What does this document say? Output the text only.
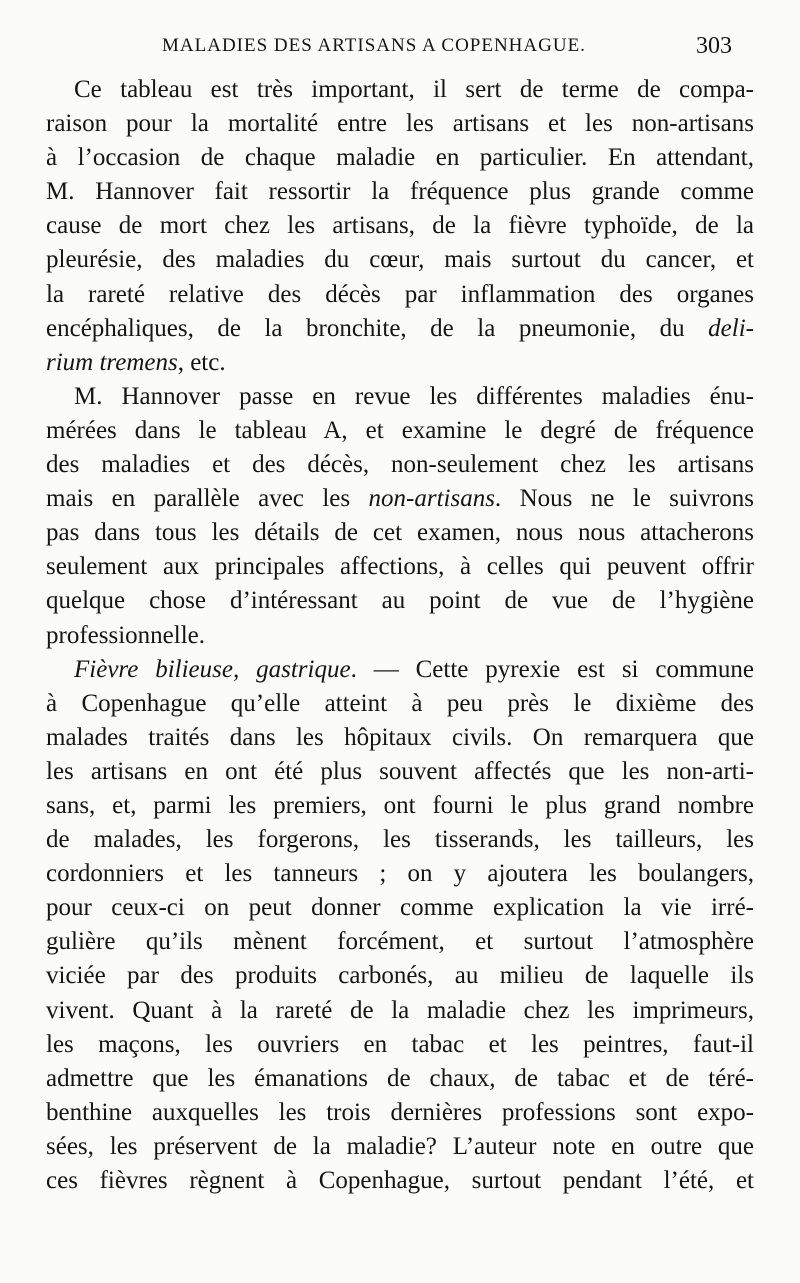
MALADIES DES ARTISANS A COPENHAGUE.	303
Ce tableau est très important, il sert de terme de compa-
raison pour la mortalité entre les artisans et les non-artisans
à l’occasion de chaque maladie en particulier. En attendant,
M. Hannover fait ressortir la fréquence plus grande comme
cause de mort chez les artisans, de la fièvre typhoïde, de la
pleurésie, des maladies du cœur, mais surtout du cancer, et
la rareté relative des décès par inflammation des organes
encéphaliques, de la bronchite, de la pneumonie, du deli-
rium tremens, etc.
M. Hannover passe en revue les différentes maladies énu-
mérées dans le tableau A, et examine le degré de fréquence
des maladies et des décès, non-seulement chez les artisans
mais en parallèle avec les non-artisans. Nous ne le suivrons
pas dans tous les détails de cet examen, nous nous attacherons
seulement aux principales affections, à celles qui peuvent offrir
quelque chose d’intéressant au point de vue de l’hygiène
professionnelle.
Fièvre bilieuse, gastrique. — Cette pyrexie est si commune
à Copenhague qu’elle atteint à peu près le dixième des
malades traités dans les hôpitaux civils. On remarquera que
les artisans en ont été plus souvent affectés que les non-arti-
sans, et, parmi les premiers, ont fourni le plus grand nombre
de malades, les forgerons, les tisserands, les tailleurs, les
cordonniers et les tanneurs ; on y ajoutera les boulangers,
pour ceux-ci on peut donner comme explication la vie irré-
gulière qu’ils mènent forcément, et surtout l’atmosphère
viciée par des produits carbonés, au milieu de laquelle ils
vivent. Quant à la rareté de la maladie chez les imprimeurs,
les maçons, les ouvriers en tabac et les peintres, faut-il
admettre que les émanations de chaux, de tabac et de téré-
benthine auxquelles les trois dernières professions sont expo-
sées, les préservent de la maladie? L’auteur note en outre que
ces fièvres règnent à Copenhague, surtout pendant l’été, et
